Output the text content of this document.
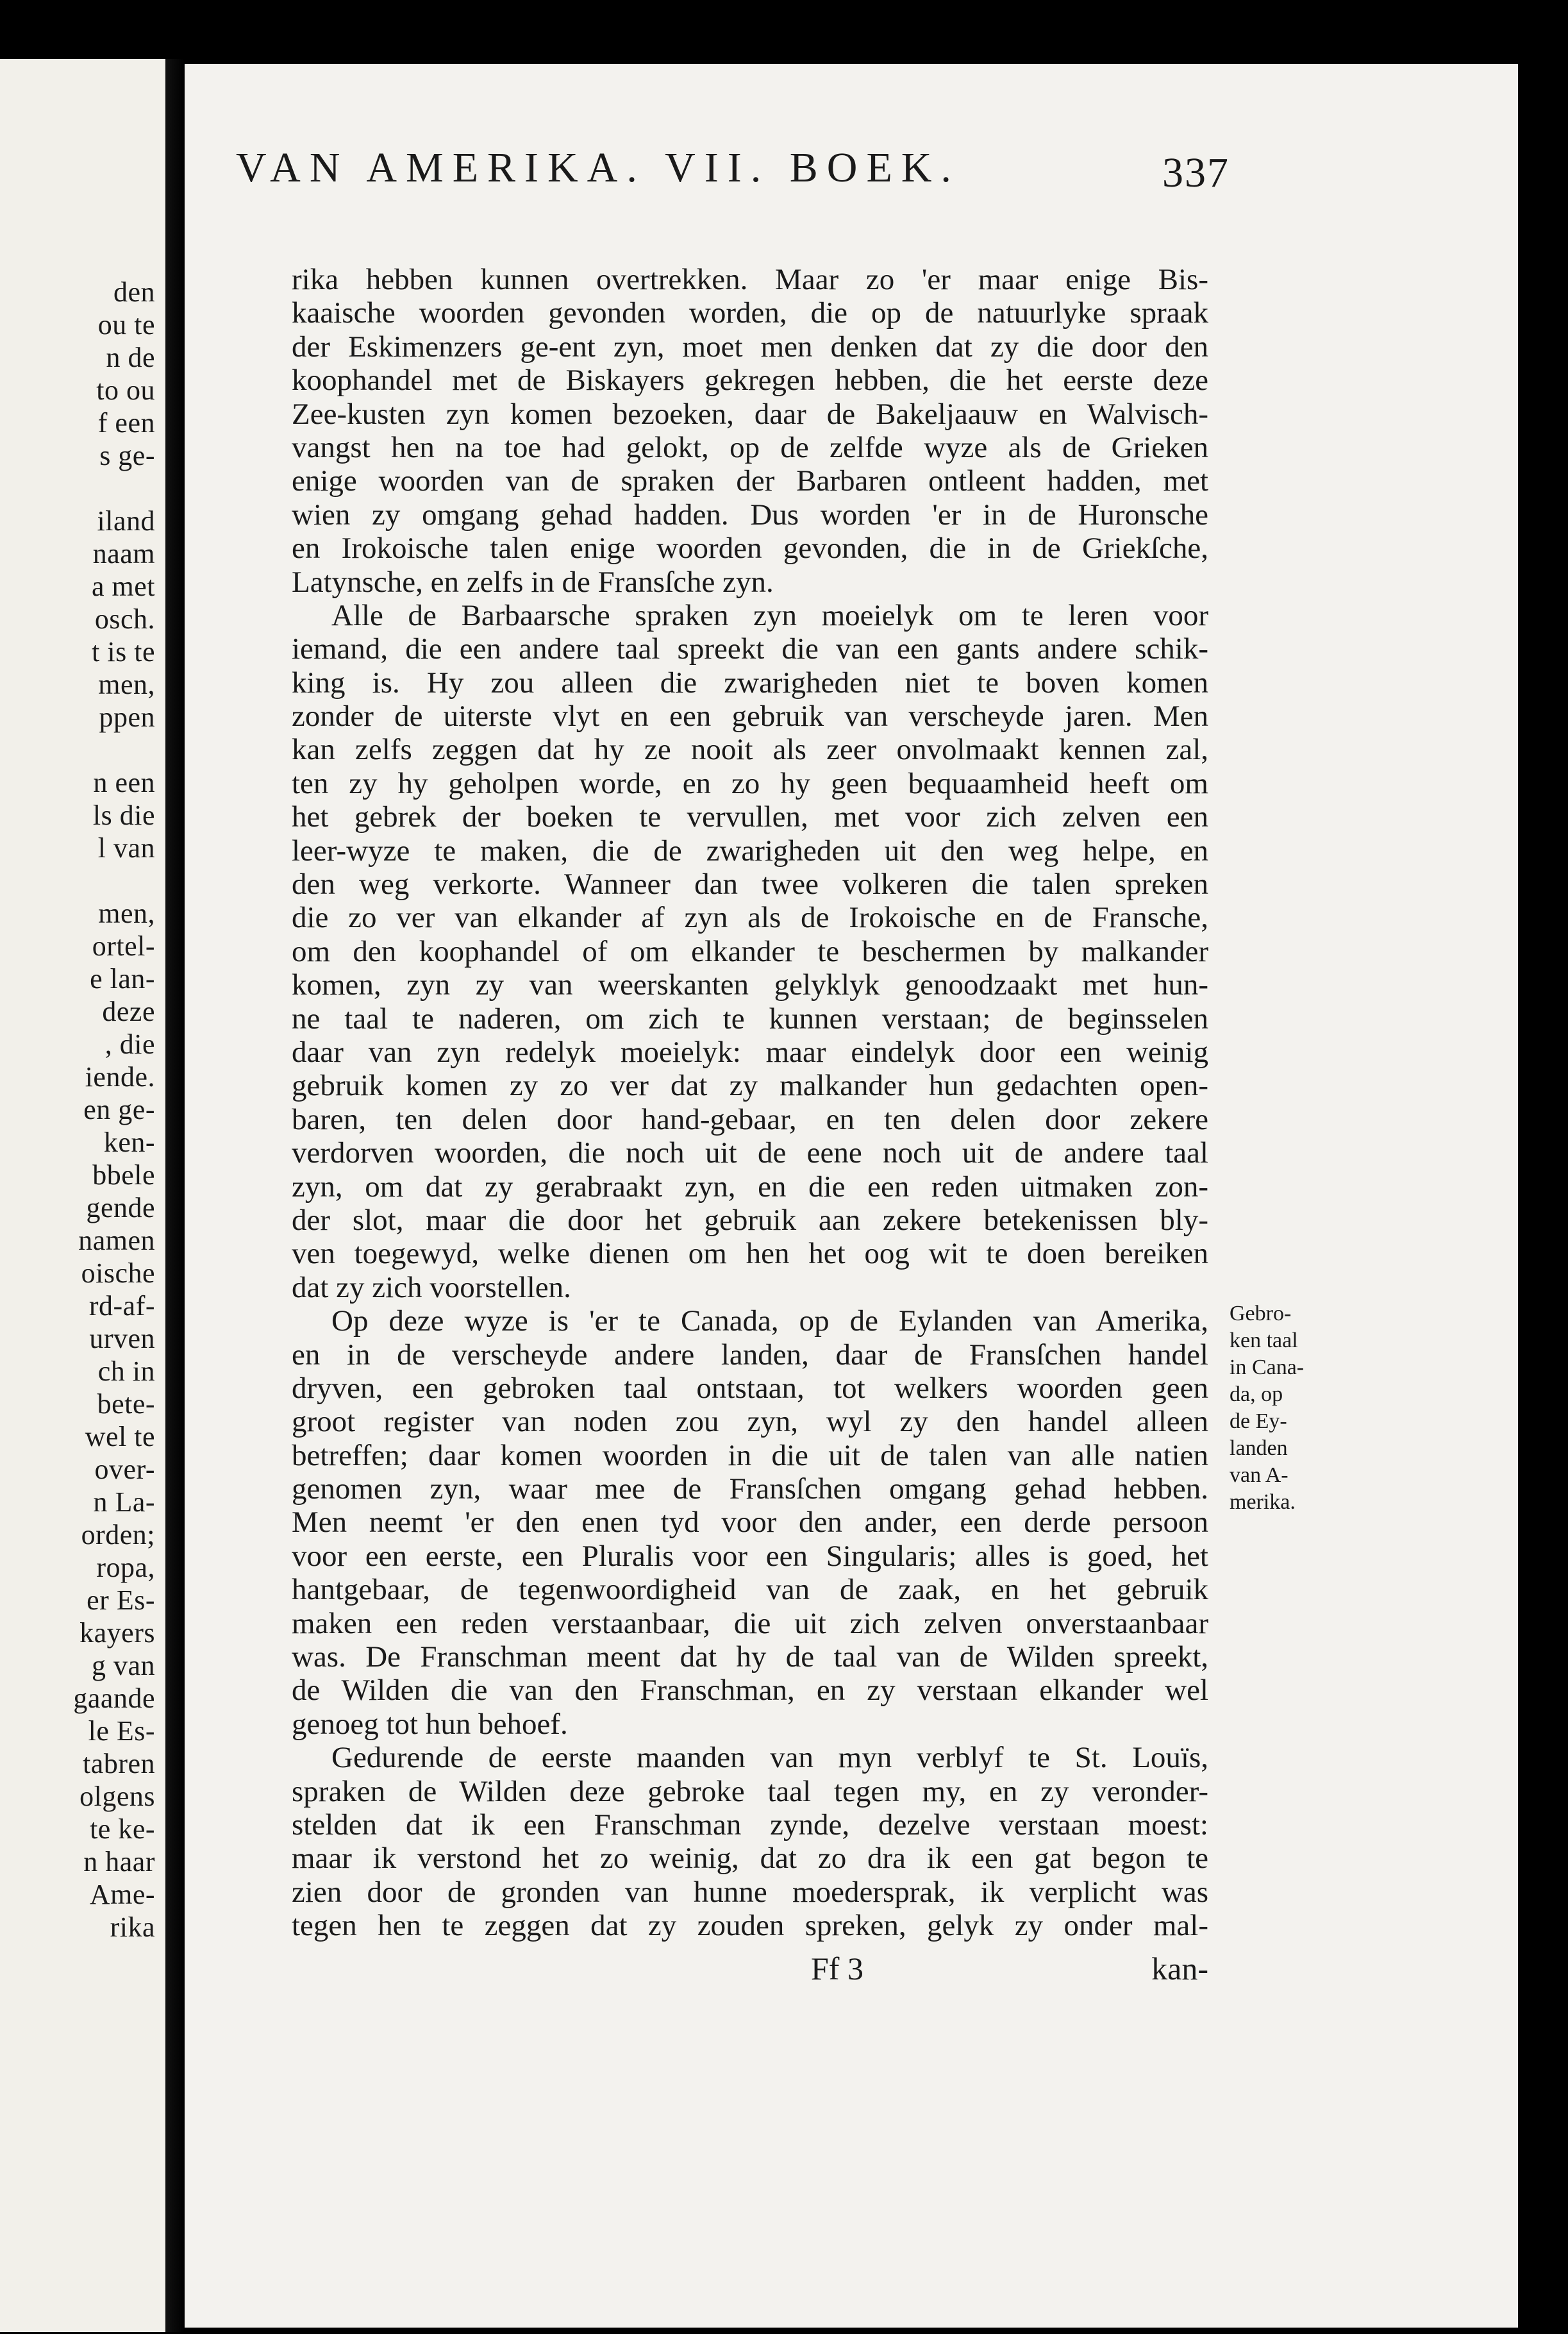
den
ou te
n de
to ou
f een
s ge-
iland
naam
a met
osch.
t is te
men,
ppen
n een
ls die
l van
men,
ortel-
e lan-
deze
, die
iende.
en ge-
ken-
bbele
gende
namen
oische
rd-af-
urven
ch in
bete-
wel te
over-
n La-
orden;
ropa,
er Es-
kayers
g van
gaande
le Es-
tabren
olgens
te ke-
n haar
Ame-
rika
VAN AMERIKA. VII. BOEK.	337
rika hebben kunnen overtrekken. Maar zo 'er maar enige Bis-
kaaische woorden gevonden worden, die op de natuurlyke spraak
der Eskimenzers ge-ent zyn, moet men denken dat zy die door den
koophandel met de Biskayers gekregen hebben, die het eerste deze
Zee-kusten zyn komen bezoeken, daar de Bakeljaauw en Walvisch-
vangst hen na toe had gelokt, op de zelfde wyze als de Grieken
enige woorden van de spraken der Barbaren ontleent hadden, met
wien zy omgang gehad hadden. Dus worden 'er in de Huronsche
en Irokoische talen enige woorden gevonden, die in de Griekſche,
Latynsche, en zelfs in de Fransſche zyn.
Alle de Barbaarsche spraken zyn moeielyk om te leren voor
iemand, die een andere taal spreekt die van een gants andere schik-
king is. Hy zou alleen die zwarigheden niet te boven komen
zonder de uiterste vlyt en een gebruik van verscheyde jaren. Men
kan zelfs zeggen dat hy ze nooit als zeer onvolmaakt kennen zal,
ten zy hy geholpen worde, en zo hy geen bequaamheid heeft om
het gebrek der boeken te vervullen, met voor zich zelven een
leer-wyze te maken, die de zwarigheden uit den weg helpe, en
den weg verkorte. Wanneer dan twee volkeren die talen spreken
die zo ver van elkander af zyn als de Irokoische en de Fransche,
om den koophandel of om elkander te beschermen by malkander
komen, zyn zy van weerskanten gelyklyk genoodzaakt met hun-
ne taal te naderen, om zich te kunnen verstaan; de beginsselen
daar van zyn redelyk moeielyk: maar eindelyk door een weinig
gebruik komen zy zo ver dat zy malkander hun gedachten open-
baren, ten delen door hand-gebaar, en ten delen door zekere
verdorven woorden, die noch uit de eene noch uit de andere taal
zyn, om dat zy gerabraakt zyn, en die een reden uitmaken zon-
der slot, maar die door het gebruik aan zekere betekenissen bly-
ven toegewyd, welke dienen om hen het oog wit te doen bereiken
dat zy zich voorstellen.
Op deze wyze is 'er te Canada, op de Eylanden van Amerika,
en in de verscheyde andere landen, daar de Fransſchen handel
dryven, een gebroken taal ontstaan, tot welkers woorden geen
groot register van noden zou zyn, wyl zy den handel alleen
betreffen; daar komen woorden in die uit de talen van alle natien
genomen zyn, waar mee de Fransſchen omgang gehad hebben.
Men neemt 'er den enen tyd voor den ander, een derde persoon
voor een eerste, een Pluralis voor een Singularis; alles is goed, het
hantgebaar, de tegenwoordigheid van de zaak, en het gebruik
maken een reden verstaanbaar, die uit zich zelven onverstaanbaar
was. De Franschman meent dat hy de taal van de Wilden spreekt,
de Wilden die van den Franschman, en zy verstaan elkander wel
genoeg tot hun behoef.
Gedurende de eerste maanden van myn verblyf te St. Louïs,
spraken de Wilden deze gebroke taal tegen my, en zy veronder-
stelden dat ik een Franschman zynde, dezelve verstaan moest:
maar ik verstond het zo weinig, dat zo dra ik een gat begon te
zien door de gronden van hunne moedersprak, ik verplicht was
tegen hen te zeggen dat zy zouden spreken, gelyk zy onder mal-
Gebro-
ken taal
in Cana-
da, op
de Ey-
landen
van A-
merika.
Ff 3	kan-
